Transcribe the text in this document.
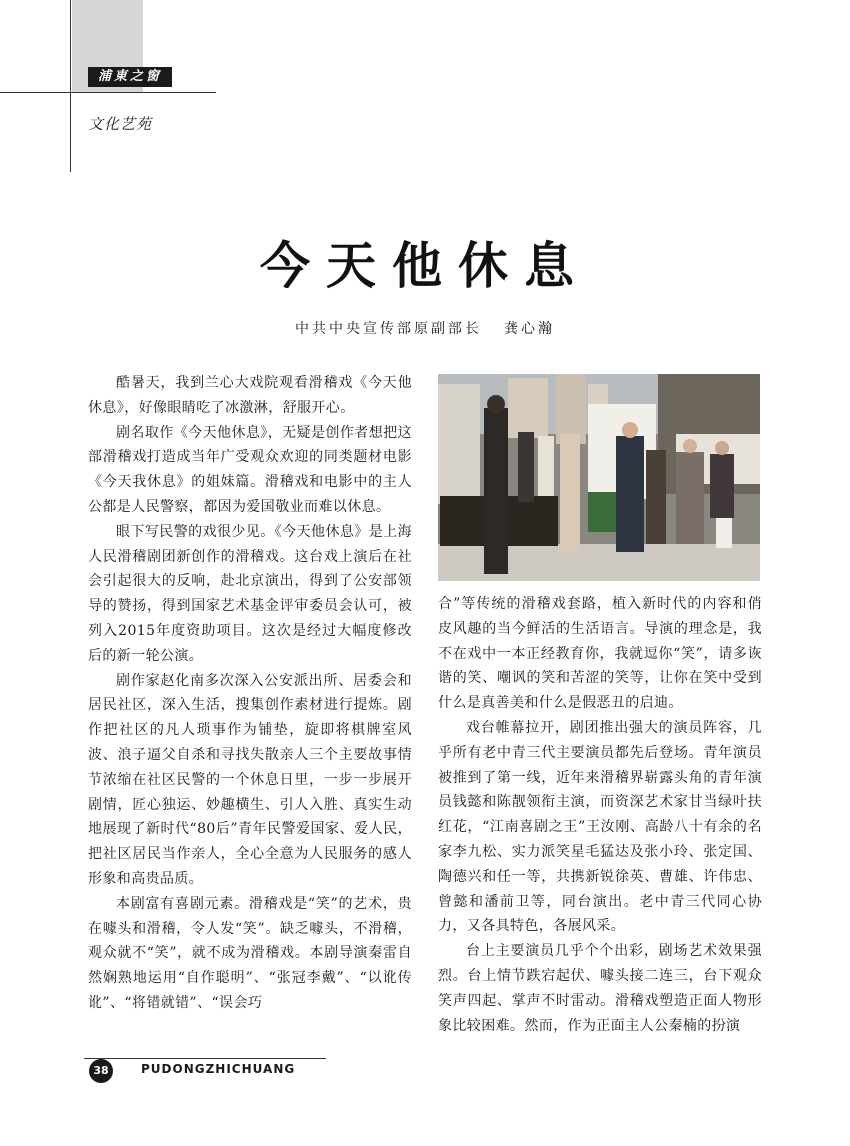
浦東之窗
文化艺苑
今天他休息
中共中央宣传部原副部长 龚心瀚

酷暑天，我到兰心大戏院观看滑稽戏《今天他休息》，好像眼睛吃了冰激淋，舒服开心。

剧名取作《今天他休息》，无疑是创作者想把这部滑稽戏打造成当年广受观众欢迎的同类题材电影《今天我休息》的姐妹篇。滑稽戏和电影中的主人公都是人民警察，都因为爱国敬业而难以休息。

眼下写民警的戏很少见。《今天他休息》是上海人民滑稽剧团新创作的滑稽戏。这台戏上演后在社会引起很大的反响，赴北京演出，得到了公安部领导的赞扬，得到国家艺术基金评审委员会认可，被列入2015年度资助项目。这次是经过大幅度修改后的新一轮公演。

剧作家赵化南多次深入公安派出所、居委会和居民社区，深入生活，搜集创作素材进行提炼。剧作把社区的凡人琐事作为铺垫，旋即将棋牌室风波、浪子逼父自杀和寻找失散亲人三个主要故事情节浓缩在社区民警的一个休息日里，一步一步展开剧情，匠心独运、妙趣横生、引人入胜、真实生动地展现了新时代“80后”青年民警爱国家、爱人民，把社区居民当作亲人，全心全意为人民服务的感人形象和高贵品质。

本剧富有喜剧元素。滑稽戏是“笑”的艺术，贵在噱头和滑稽，令人发“笑”。缺乏噱头，不滑稽，观众就不“笑”，就不成为滑稽戏。本剧导演秦雷自然娴熟地运用“自作聪明”、“张冠李戴”、“以讹传讹”、“将错就错”、“误会巧

合”等传统的滑稽戏套路，植入新时代的内容和俏皮风趣的当今鲜活的生活语言。导演的理念是，我不在戏中一本正经教育你，我就逗你“笑”，请多诙谐的笑、嘲讽的笑和苦涩的笑等，让你在笑中受到什么是真善美和什么是假恶丑的启迪。

戏台帷幕拉开，剧团推出强大的演员阵容，几乎所有老中青三代主要演员都先后登场。青年演员被推到了第一线，近年来滑稽界崭露头角的青年演员钱懿和陈靓领衔主演，而资深艺术家甘当绿叶扶红花，“江南喜剧之王”王汝刚、高龄八十有余的名家李九松、实力派笑星毛猛达及张小玲、张定国、陶德兴和任一等，共携新锐徐英、曹雄、许伟忠、曾懿和潘前卫等，同台演出。老中青三代同心协力，又各具特色，各展风采。

台上主要演员几乎个个出彩，剧场艺术效果强烈。台上情节跌宕起伏、噱头接二连三，台下观众笑声四起、掌声不时雷动。滑稽戏塑造正面人物形象比较困难。然而，作为正面主人公秦楠的扮演

38	PUDONGZHICHUANG
